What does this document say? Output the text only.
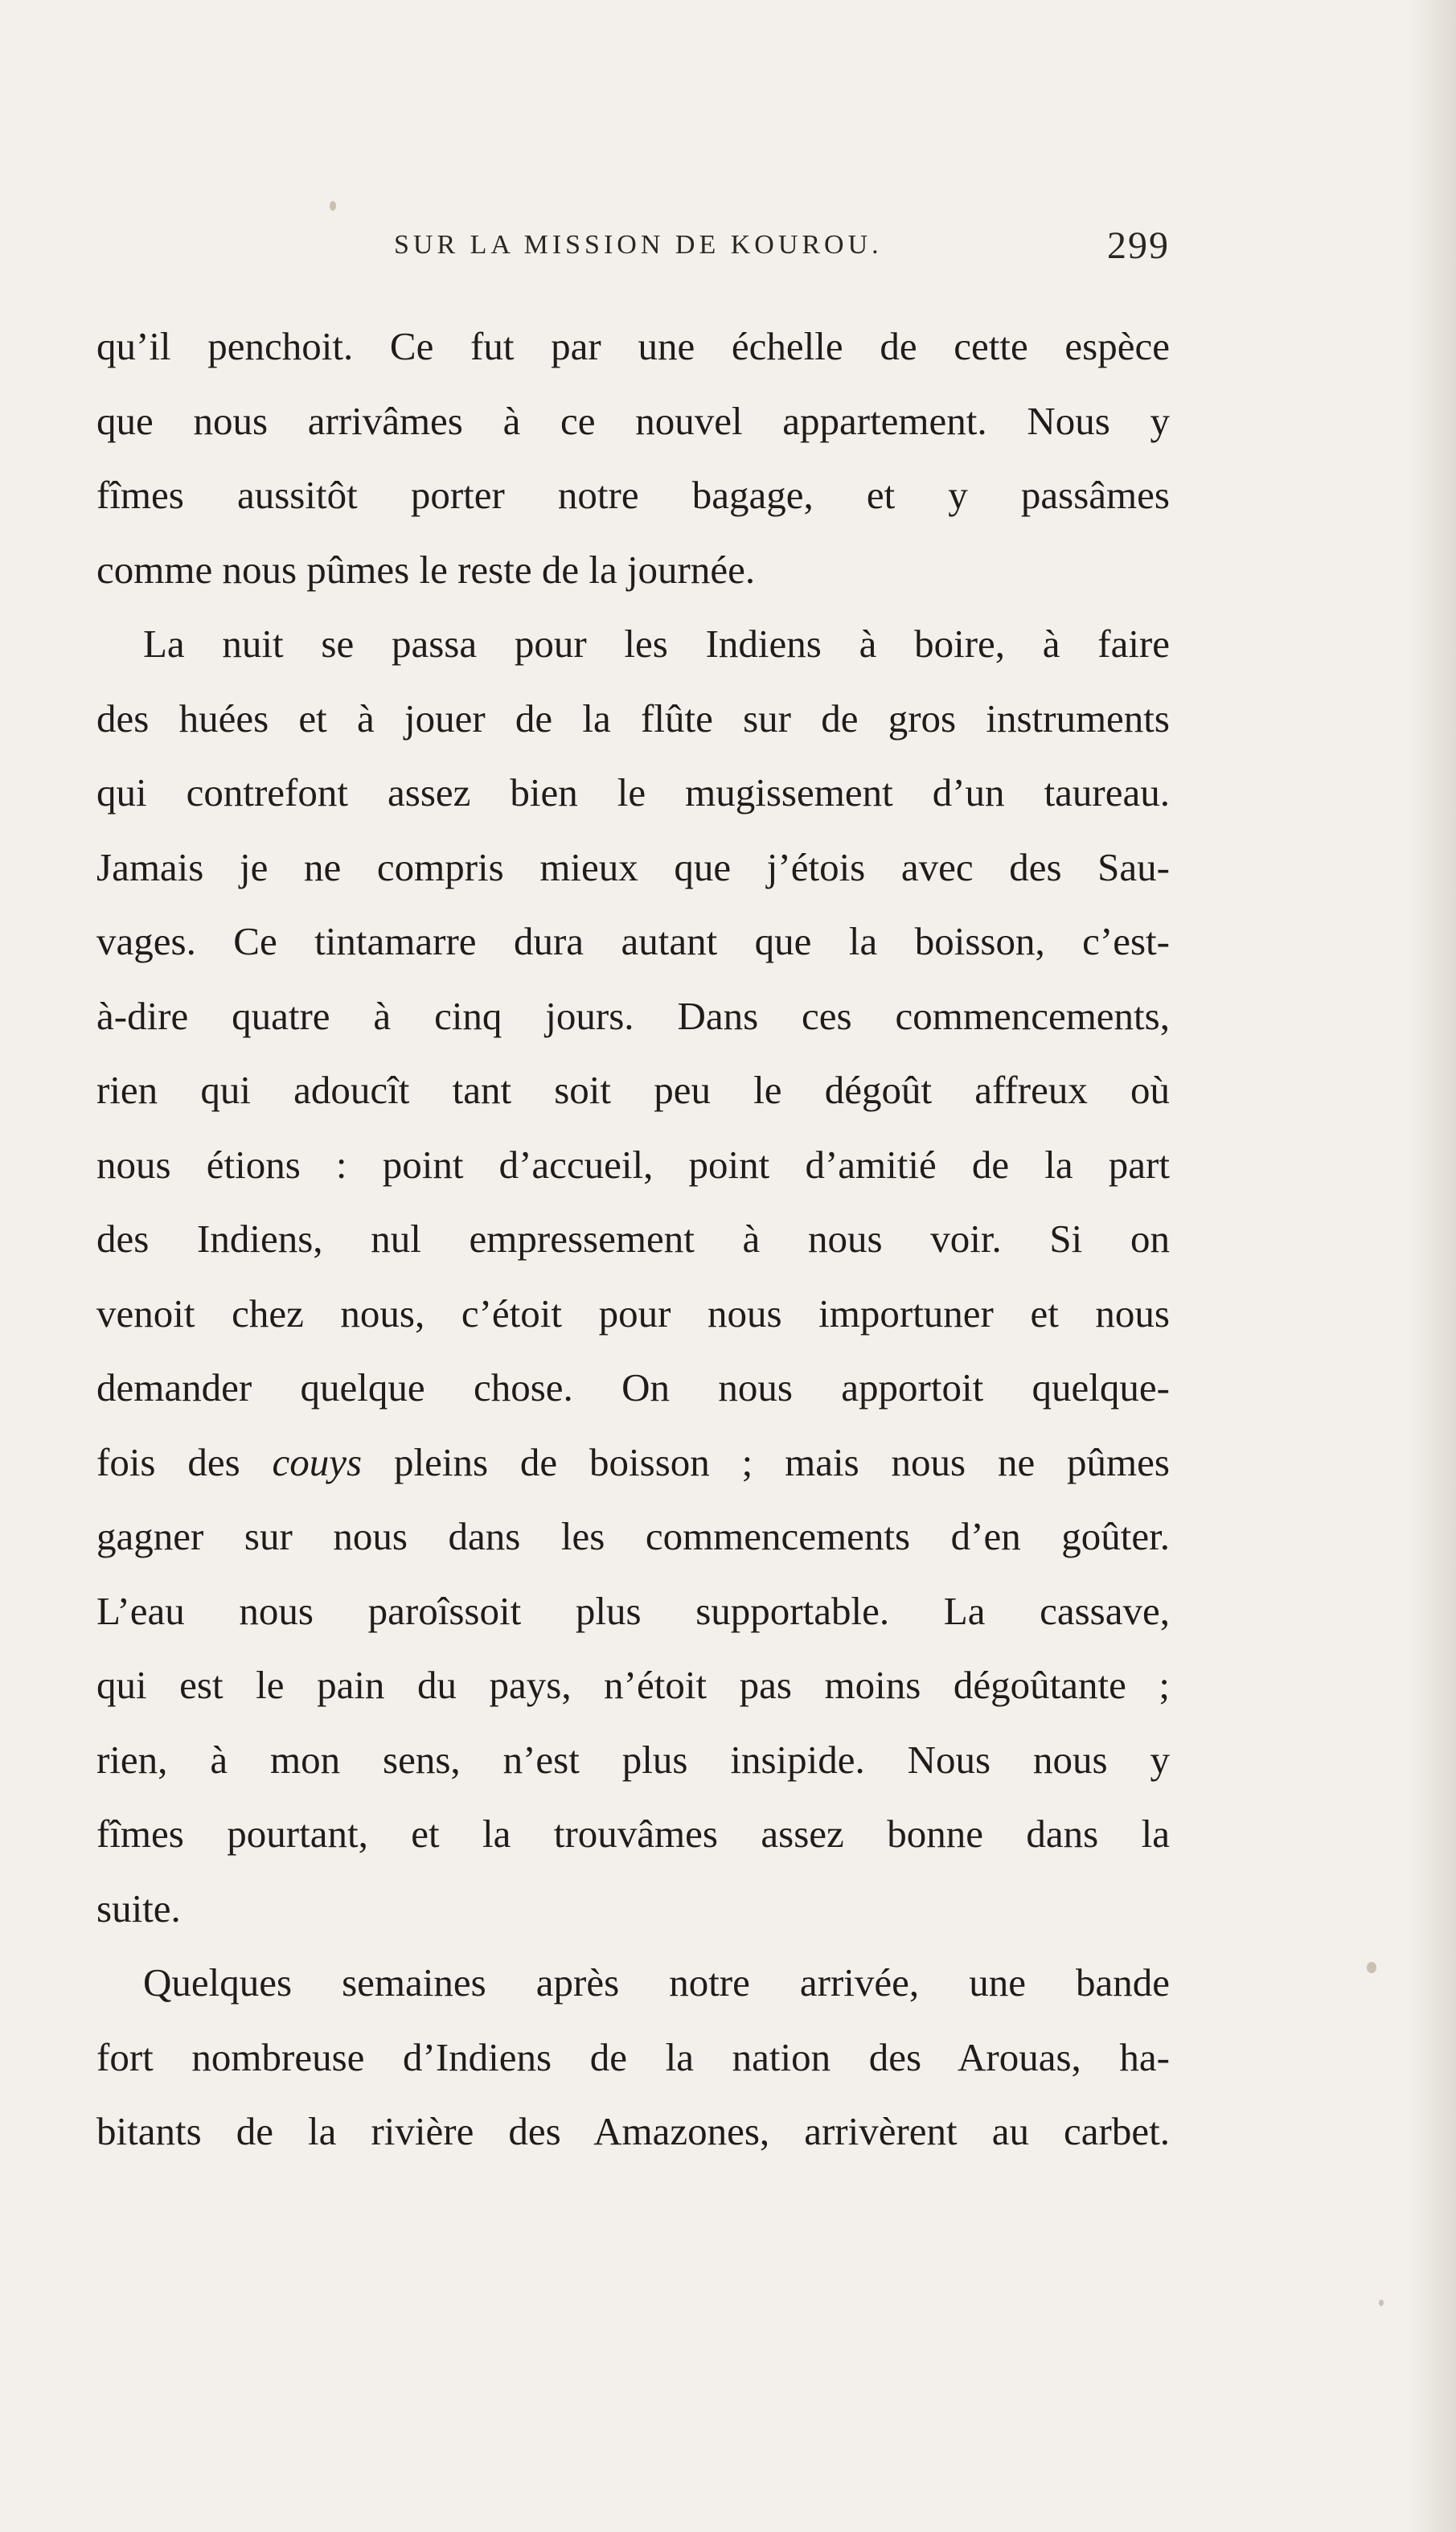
SUR LA MISSION DE KOUROU.	299
qu’il penchoit. Ce fut par une échelle de cette espèce
que nous arrivâmes à ce nouvel appartement. Nous y
fîmes aussitôt porter notre bagage, et y passâmes
comme nous pûmes le reste de la journée.
La nuit se passa pour les Indiens à boire, à faire
des huées et à jouer de la flûte sur de gros instruments
qui contrefont assez bien le mugissement d’un taureau.
Jamais je ne compris mieux que j’étois avec des Sau-
vages. Ce tintamarre dura autant que la boisson, c’est-
à-dire quatre à cinq jours. Dans ces commencements,
rien qui adoucît tant soit peu le dégoût affreux où
nous étions : point d’accueil, point d’amitié de la part
des Indiens, nul empressement à nous voir. Si on
venoit chez nous, c’étoit pour nous importuner et nous
demander quelque chose. On nous apportoit quelque-
fois des couys pleins de boisson ; mais nous ne pûmes
gagner sur nous dans les commencements d’en goûter.
L’eau nous paroîssoit plus supportable. La cassave,
qui est le pain du pays, n’étoit pas moins dégoûtante ;
rien, à mon sens, n’est plus insipide. Nous nous y
fîmes pourtant, et la trouvâmes assez bonne dans la
suite.
Quelques semaines après notre arrivée, une bande
fort nombreuse d’Indiens de la nation des Arouas, ha-
bitants de la rivière des Amazones, arrivèrent au carbet.
